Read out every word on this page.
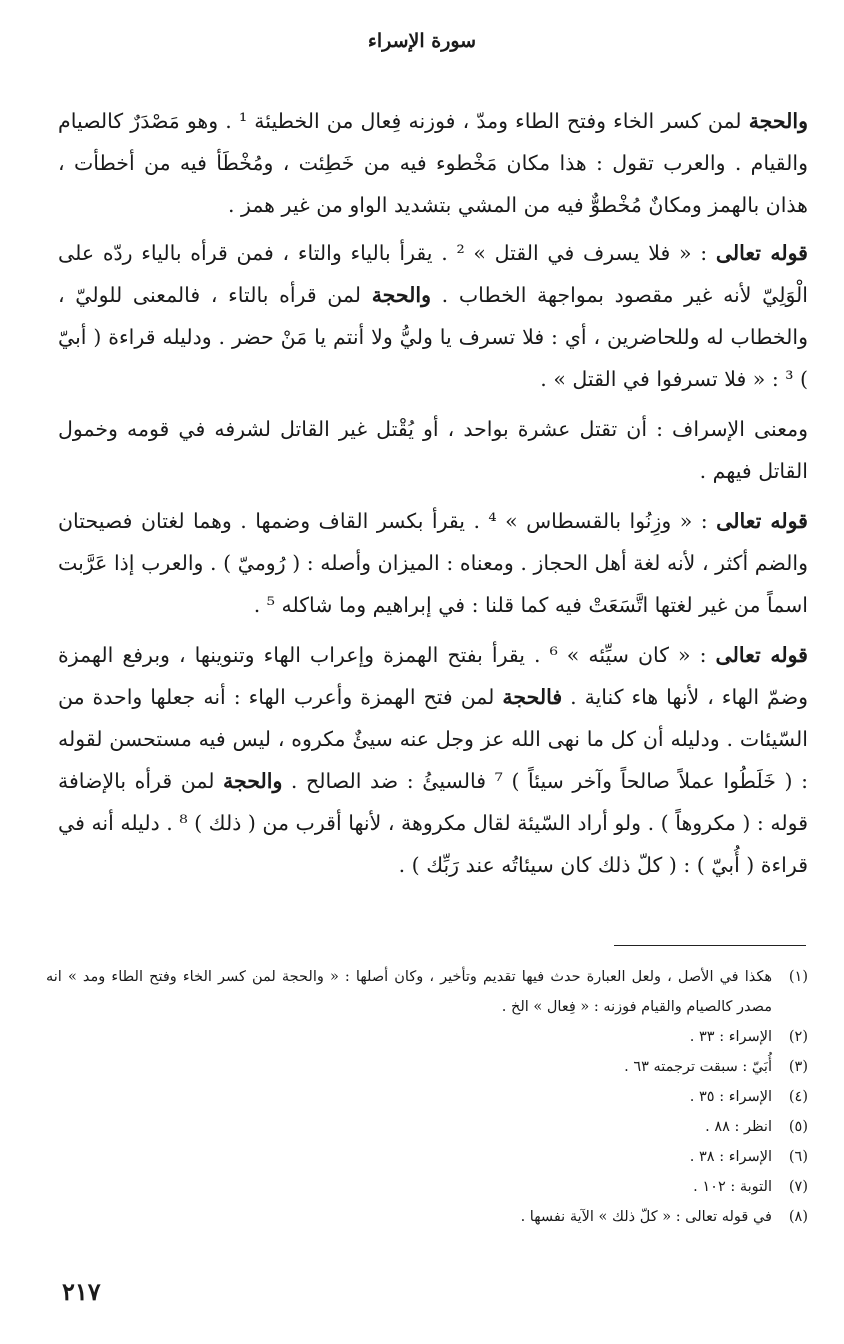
سورة الإسراء

والحجة لمن كسر الخاء وفتح الطاء ومدّ ، فوزنه فِعال من الخطيئة ¹ . وهو مَصْدَرٌ كالصيام والقيام . والعرب تقول : هذا مكان مَخْطوء فيه من خَطِئت ، ومُخْطَأ فيه من أخطأت ، هذان بالهمز ومكانٌ مُخْطوٌّ فيه من المشي بتشديد الواو من غير همز .

قوله تعالى : « فلا يسرف في القتل » ² . يقرأ بالياء والتاء ، فمن قرأه بالياء ردّه على الْوَلِيّ لأنه غير مقصود بمواجهة الخطاب . والحجة لمن قرأه بالتاء ، فالمعنى للوليّ ، والخطاب له وللحاضرين ، أي : فلا تسرف يا وليُّ ولا أنتم يا مَنْ حضر . ودليله قراءة ( أبيّ ) ³ : « فلا تسرفوا في القتل » .

ومعنى الإسراف : أن تقتل عشرة بواحد ، أو يُقْتل غير القاتل لشرفه في قومه وخمول القاتل فيهم .

قوله تعالى : « وزِنُوا بالقسطاس » ⁴ . يقرأ بكسر القاف وضمها . وهما لغتان فصيحتان والضم أكثر ، لأنه لغة أهل الحجاز . ومعناه : الميزان وأصله : ( رُوميّ ) . والعرب إذا عَرَّبت اسماً من غير لغتها اتَّسَعَتْ فيه كما قلنا : في إبراهيم وما شاكله ⁵ .

قوله تعالى : « كان سيِّئه » ⁶ . يقرأ بفتح الهمزة وإعراب الهاء وتنوينها ، وبرفع الهمزة وضمّ الهاء ، لأنها هاء كناية . فالحجة لمن فتح الهمزة وأعرب الهاء : أنه جعلها واحدة من السّيئات . ودليله أن كل ما نهى الله عز وجل عنه سيئٌ مكروه ، ليس فيه مستحسن لقوله : ( خَلَطُوا عملاً صالحاً وآخر سيئاً ) ⁷ فالسيئُ : ضد الصالح . والحجة لمن قرأه بالإضافة قوله : ( مكروهاً ) . ولو أراد السّيئة لقال مكروهة ، لأنها أقرب من ( ذلك ) ⁸ . دليله أنه في قراءة ( أُبيّ ) : ( كلّ ذلك كان سيئاتُه عند رَبِّك ) .

(١)
هكذا في الأصل ، ولعل العبارة حدث فيها تقديم وتأخير ، وكان أصلها : « والحجة لمن كسر الخاء وفتح الطاء ومد » انه مصدر كالصيام والقيام فوزنه : « فِعال » الخ .
(٢)
الإسراء : ٣٣ .
(٣)
أُبَيّ : سبقت ترجمته ٦٣ .
(٤)
الإسراء : ٣٥ .
(٥)
انظر : ٨٨ .
(٦)
الإسراء : ٣٨ .
(٧)
التوبة : ١٠٢ .
(٨)
في قوله تعالى : « كلّ ذلك » الآية نفسها .
٢١٧
